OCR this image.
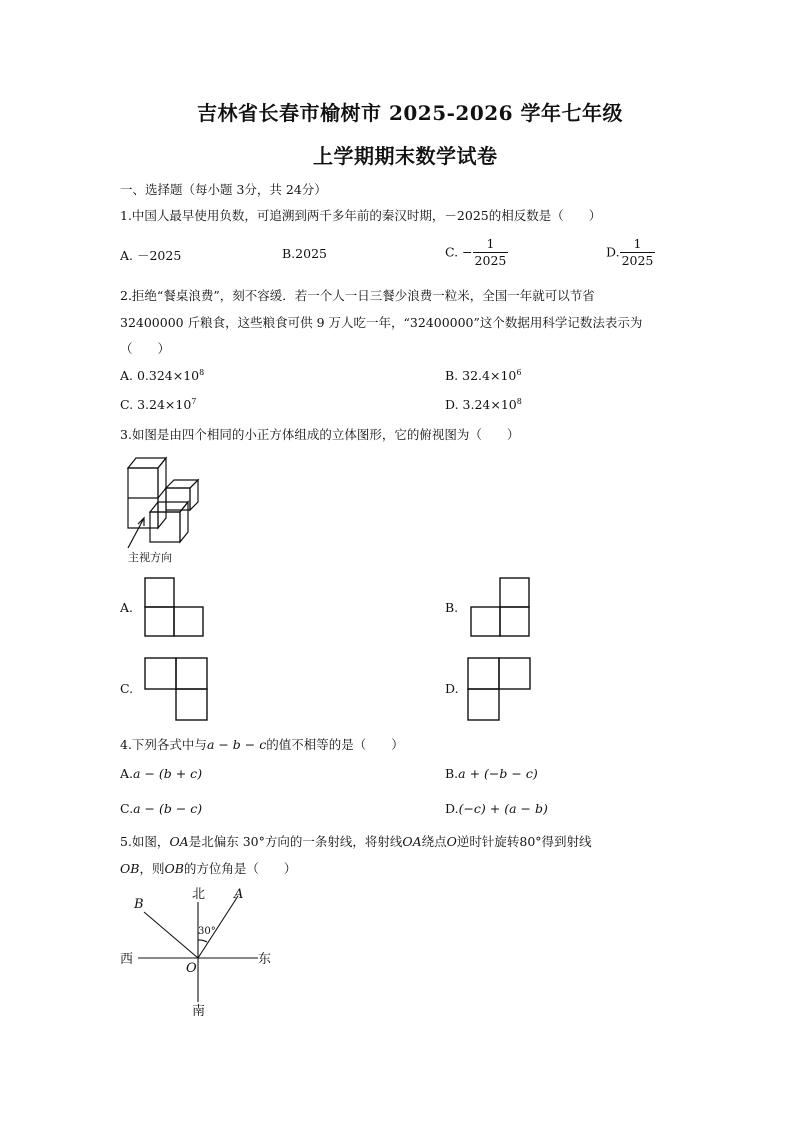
吉林省长春市榆树市 2025-2026 学年七年级
上学期期末数学试卷
一、选择题（每小题 3分，共 24分）
1.中国人最早使用负数，可追溯到两千多年前的秦汉时期，－2025的相反数是（　　）
A. －2025	B.2025	C. − $\frac{1}{2025}$	D. $\frac{1}{2025}$
2.拒绝“餐桌浪费”，刻不容缓．若一个人一日三餐少浪费一粒米，全国一年就可以节省
32400000 斤粮食，这些粮食可供 9 万人吃一年，“32400000”这个数据用科学记数法表示为
（　　）
A. $0.324\times 10^8$	B. $32.4\times 10^6$
C. $3.24\times 10^7$	D. $3.24\times 10^8$
3.如图是由四个相同的小正方体组成的立体图形，它的俯视图为（　　）
主视方向
A.	B.
C.	D.
4.下列各式中与a − b − c的值不相等的是（　　）
A.a − (b + c)	B.a + (−b − c)
C.a − (b − c)	D.(−c) + (a − b)
5.如图，OA是北偏东 30°方向的一条射线，将射线OA绕点O逆时针旋转80°得到射线
OB，则OB的方位角是（　　）
北
南
西	东
O
A
B
30°
